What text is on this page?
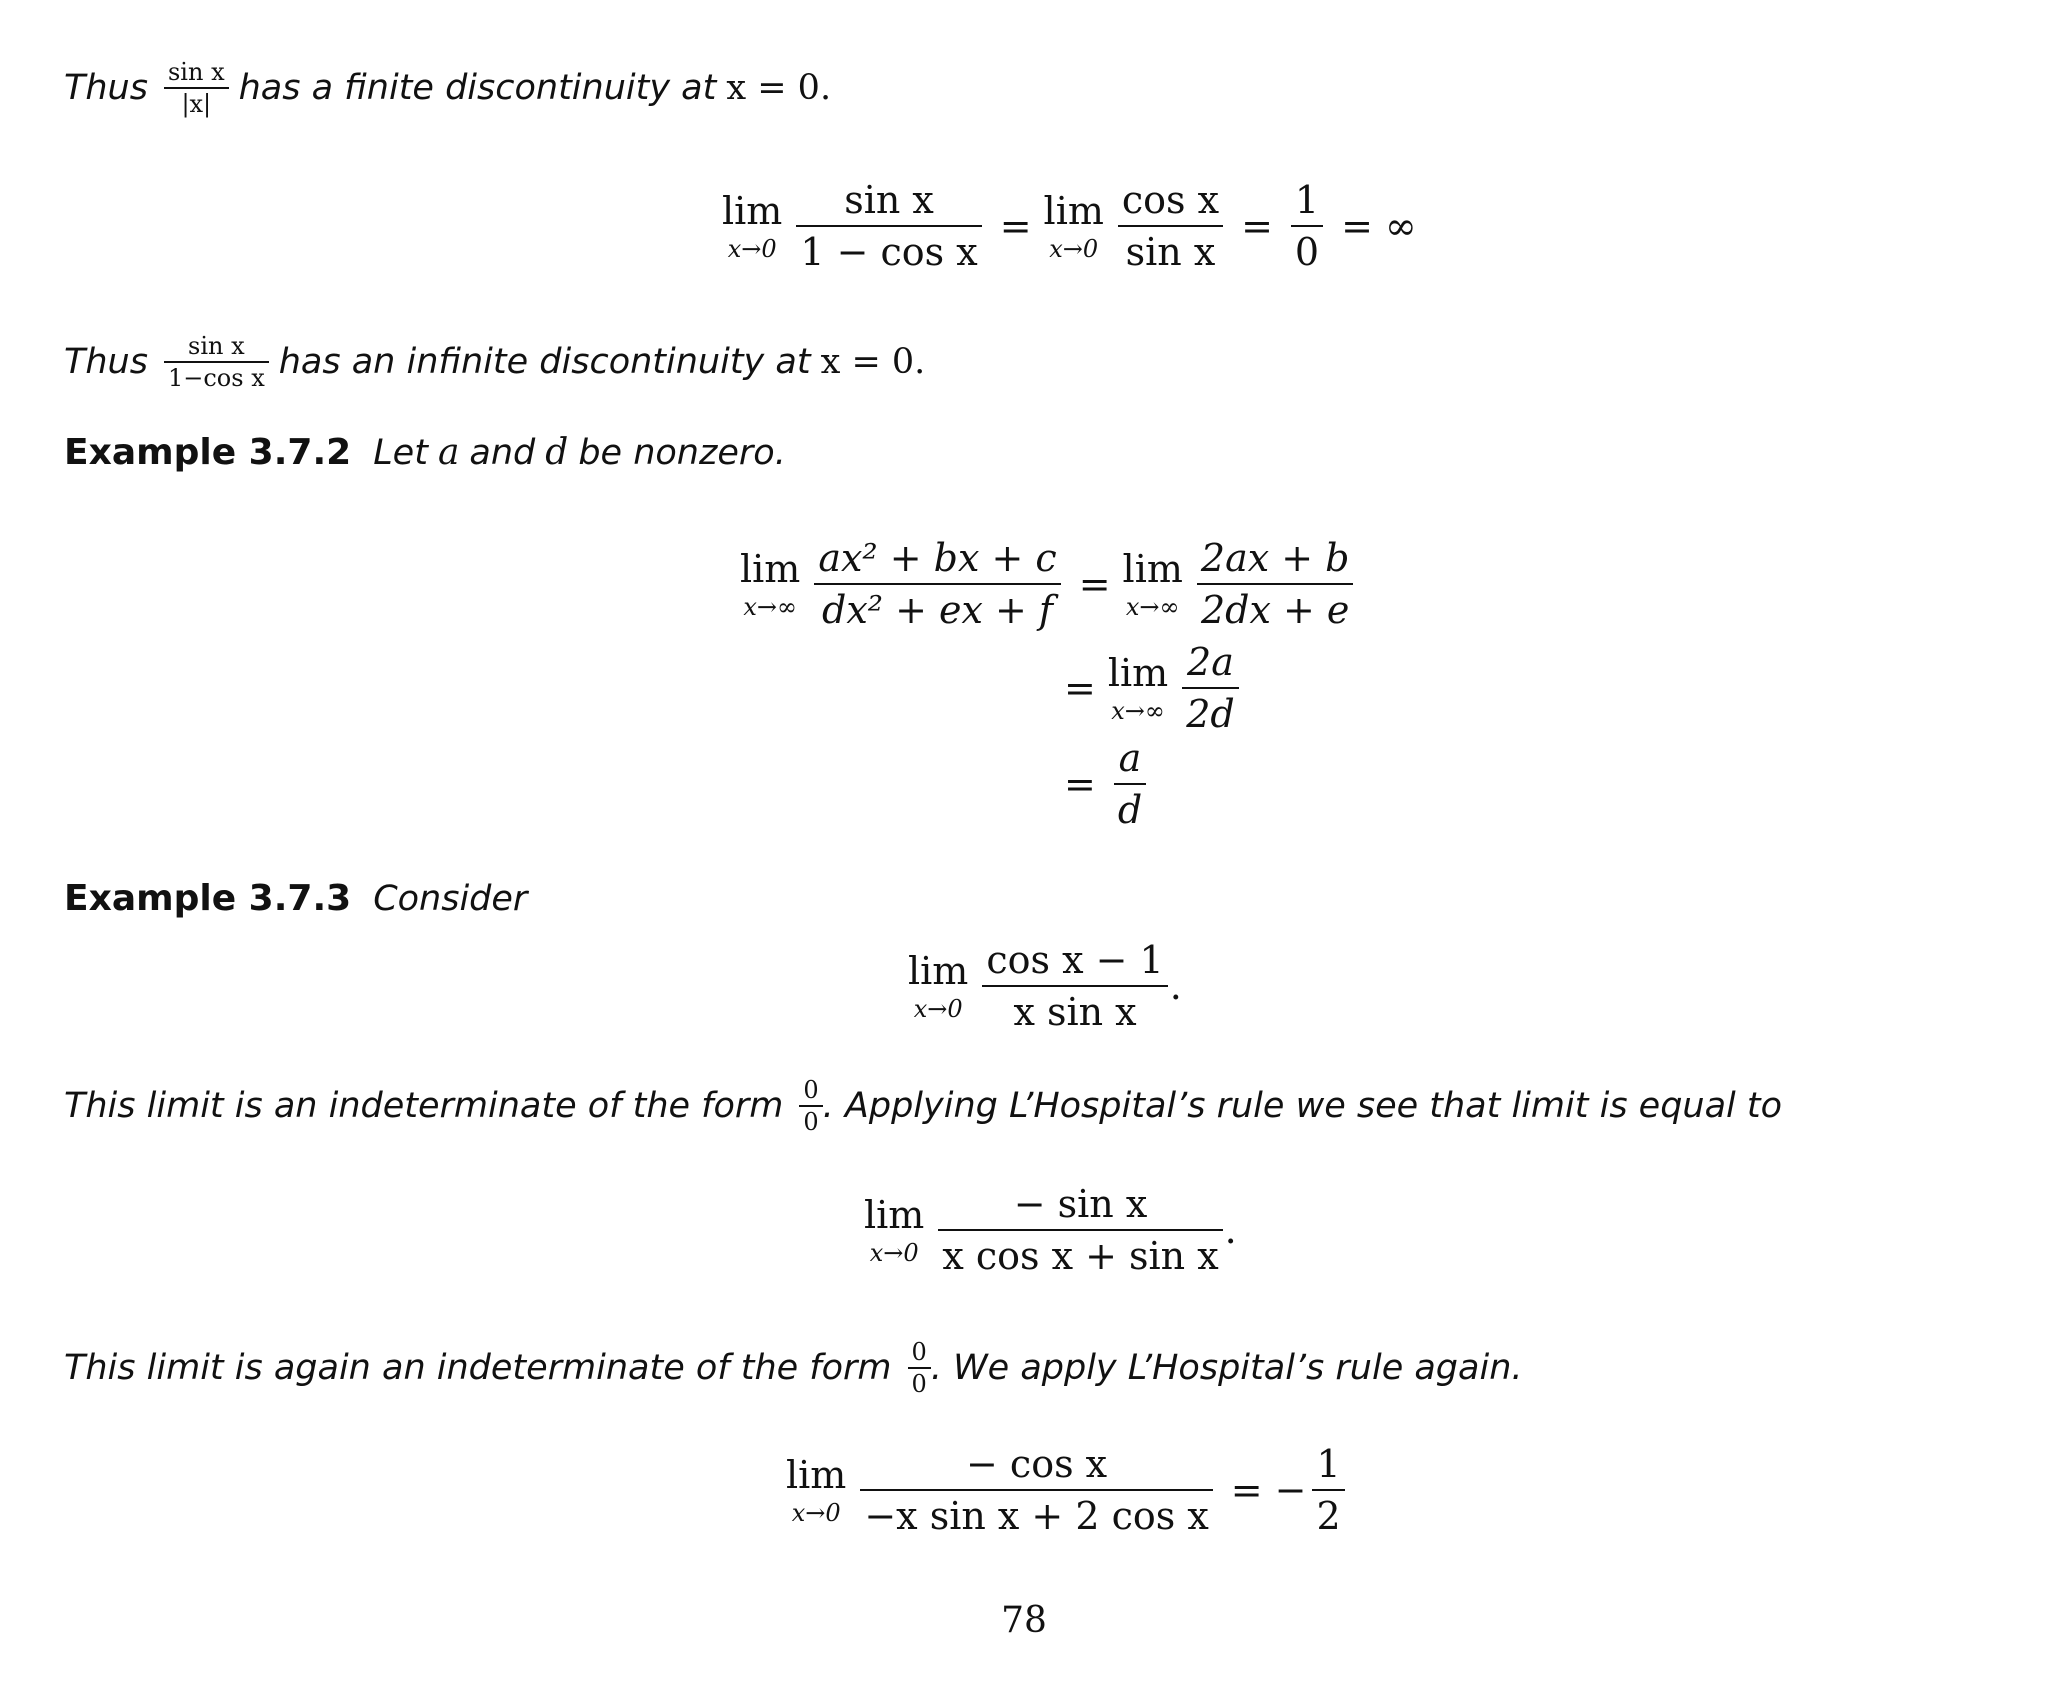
Thus $\frac{\text{sin x}}{|x|}$ has a finite discontinuity at x = 0.
lim
$x\to 0 \frac{\text{sin x}}{\text{1 − cos x}} = \lim$
$x\to 0 \frac{\text{cos x}}{\text{sin x}} = \frac{1}{0}$ = ∞
Thus $\frac{\text{sin x}}{\text{1−cos x}}$ has an infinite discontinuity at x = 0.
Example 3.7.2 Let a and d be nonzero.
lim
$x\to\infty \frac{\text{ax² + bx + c}}{\text{dx² + ex + f}} = \lim$
$x\to\infty \frac{2ax + b}{2dx + e}$
= lim
$x\to\infty \frac{2a}{2d}$
= $\frac{a}{d}$
Example 3.7.3 Consider
lim
$x\to 0 \frac{\text{cos x − 1}}{\text{x sin x}}$ .
This limit is an indeterminate of the form $\frac{0}{0}$ . Applying L’Hospital’s rule we see that limit is equal to
lim
$x\to 0 \frac{\text{− sin x}}{\text{x cos x + sin x}}$ .
This limit is again an indeterminate of the form $\frac{0}{0}$ . We apply L’Hospital’s rule again.
lim
$x\to 0 \frac{\text{− cos x}}{\text{−x sin x + 2 cos x}}$ = − $\frac{1}{2}$
78
